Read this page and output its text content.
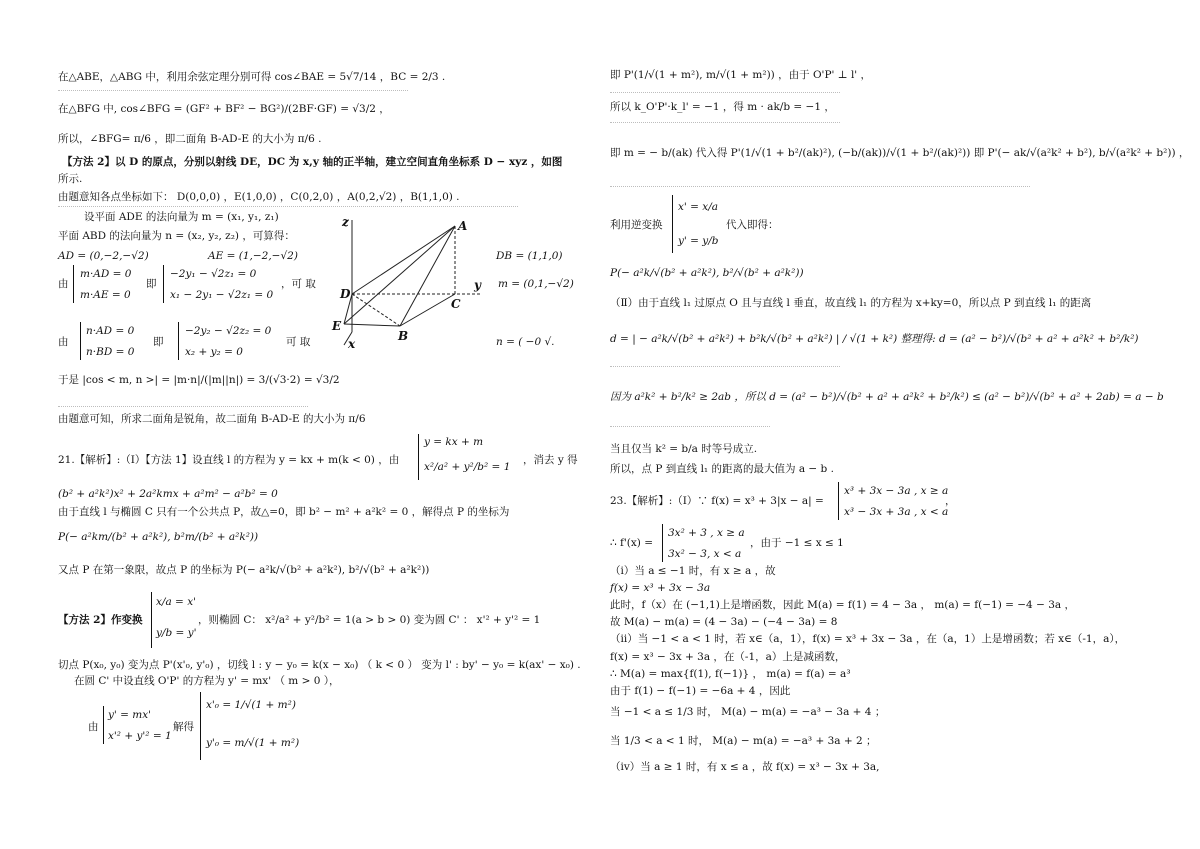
在△ABE，△ABG 中，利用余弦定理分别可得 cos∠BAE = 5√7/14 ，BC = 2/3 .
在△BFG 中, cos∠BFG = (GF² + BF² − BG²)/(2BF·GF) = √3/2 ，
所以，∠BFG= π/6 ，即二面角 B-AD-E 的大小为 π/6 .
【方法 2】以 D 的原点，分别以射线 DE，DC 为 x,y 轴的正半轴，建立空间直角坐标系 D − xyz ，如图
所示.
由题意知各点坐标如下： D(0,0,0) ，E(1,0,0) ，C(0,2,0) ，A(0,2,√2) ，B(1,1,0) .
设平面 ADE 的法向量为 m = (x₁, y₁, z₁)
平面 ABD 的法向量为 n = (x₂, y₂, z₂) ，可算得：
AD = (0,−2,−√2)	AE = (1,−2,−√2)	DB = (1,1,0)
由
m·AD = 0
m·AE = 0
即
−2y₁ − √2z₁ = 0
x₁ − 2y₁ − √2z₁ = 0
，可 取	m = (0,1,−√2)
由
n·AD = 0
n·BD = 0
即
−2y₂ − √2z₂ = 0
x₂ + y₂ = 0
可 取	n = ( −0 √.
于是 |cos < m, n >| = |m·n|/(|m||n|) = 3/(√3·2) = √3/2
由题意可知，所求二面角是锐角，故二面角 B-AD-E 的大小为 π/6
21.【解析】:（Ⅰ）【方法 1】设直线 l 的方程为 y = kx + m(k < 0) ，由
y = kx + m
x²/a² + y²/b² = 1
，消去 y 得
(b² + a²k²)x² + 2a²kmx + a²m² − a²b² = 0
由于直线 l 与椭圆 C 只有一个公共点 P，故△=0，即 b² − m² + a²k² = 0 ，解得点 P 的坐标为
P(− a²km/(b² + a²k²), b²m/(b² + a²k²))
又点 P 在第一象限，故点 P 的坐标为 P(− a²k/√(b² + a²k²), b²/√(b² + a²k²))
【方法 2】作变换
x/a = x'
y/b = y'
，则椭圆 C： x²/a² + y²/b² = 1(a > b > 0) 变为圆 C' ： x'² + y'² = 1
切点 P(x₀, y₀) 变为点 P'(x'₀, y'₀) ，切线 l : y − y₀ = k(x − x₀) （ k < 0 ） 变为 l' : by' − y₀ = k(ax' − x₀) .
在圆 C' 中设直线 O'P' 的方程为 y' = mx' （ m > 0 ），
由
y' = mx'
x'² + y'² = 1
解得
x'₀ = 1/√(1 + m²)
y'₀ = m/√(1 + m²)
z	A
D
C
y
E
B
x
即 P'(1/√(1 + m²), m/√(1 + m²)) ，由于 O'P' ⊥ l' ，
所以 k_O'P'·k_l' = −1 ，得 m · ak/b = −1 ，
即 m = − b/(ak) 代入得 P'(1/√(1 + b²/(ak)²), (−b/(ak))/√(1 + b²/(ak)²)) 即 P'(− ak/√(a²k² + b²), b/√(a²k² + b²)) ，
利用逆变换
x' = x/a
y' = y/b
代入即得：
P(− a²k/√(b² + a²k²), b²/√(b² + a²k²))
（Ⅱ）由于直线 l₁ 过原点 O 且与直线 l 垂直，故直线 l₁ 的方程为 x+ky=0，所以点 P 到直线 l₁ 的距离
d = | − a²k/√(b² + a²k²) + b²k/√(b² + a²k²) | / √(1 + k²) 整理得: d = (a² − b²)/√(b² + a² + a²k² + b²/k²)
因为 a²k² + b²/k² ≥ 2ab ，所以 d = (a² − b²)/√(b² + a² + a²k² + b²/k²) ≤ (a² − b²)/√(b² + a² + 2ab) = a − b
当且仅当 k² = b/a 时等号成立.
所以，点 P 到直线 l₁ 的距离的最大值为 a − b .
23.【解析】:（Ⅰ）∵ f(x) = x³ + 3|x − a| =
x³ + 3x − 3a , x ≥ a
x³ − 3x + 3a , x < a
，
∴ f'(x) =
3x² + 3 , x ≥ a
3x² − 3, x < a
，由于 −1 ≤ x ≤ 1
（ⅰ）当 a ≤ −1 时，有 x ≥ a ，故
f(x) = x³ + 3x − 3a
此时，f（x）在 (−1,1)上是增函数，因此 M(a) = f(1) = 4 − 3a ， m(a) = f(−1) = −4 − 3a ，
故 M(a) − m(a) = (4 − 3a) − (−4 − 3a) = 8
（ⅱ）当 −1 < a < 1 时，若 x∈（a，1），f(x) = x³ + 3x − 3a ，在（a，1）上是增函数；若 x∈（-1，a），
f(x) = x³ − 3x + 3a ，在（-1，a）上是减函数，
∴ M(a) = max{f(1), f(−1)} ， m(a) = f(a) = a³
由于 f(1) − f(−1) = −6a + 4 ，因此
当 −1 < a ≤ 1/3 时， M(a) − m(a) = −a³ − 3a + 4 ；
当 1/3 < a < 1 时， M(a) − m(a) = −a³ + 3a + 2 ；
（ⅳ）当 a ≥ 1 时，有 x ≤ a ，故 f(x) = x³ − 3x + 3a,
